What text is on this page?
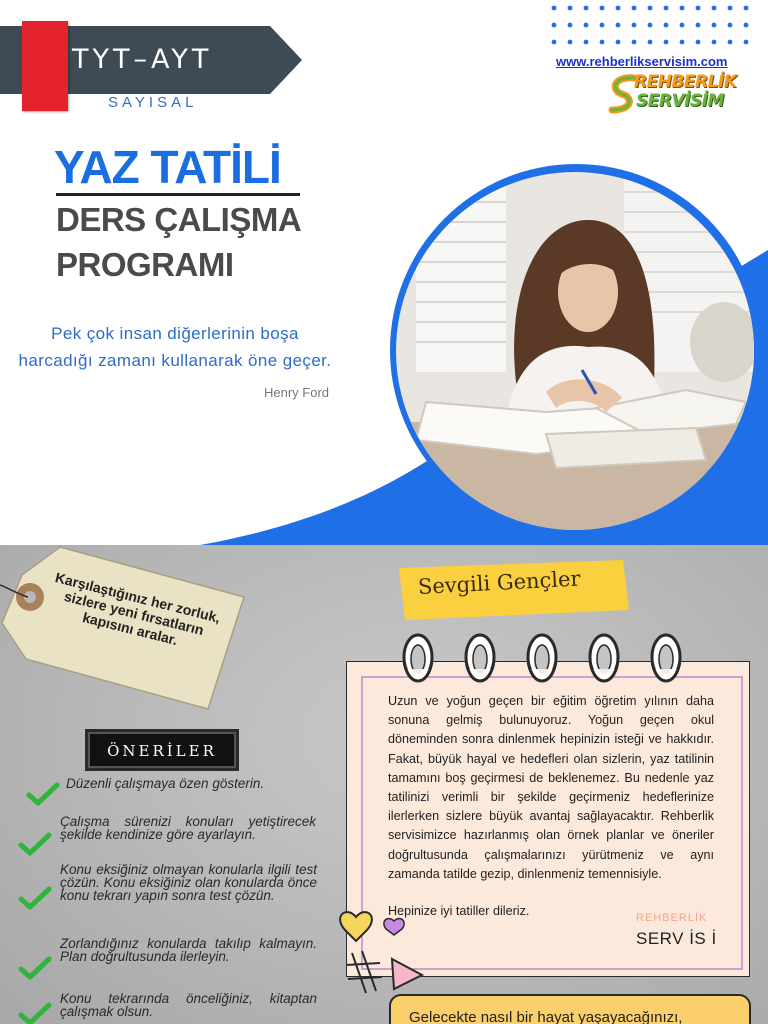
TYT–AYT
SAYISAL
www.rehberlikservisim.com
REHBERLİK
SERVİSİM
YAZ TATİLİ
DERS ÇALIŞMA
PROGRAMI
Pek çok insan diğerlerinin boşa harcadığı zamanı kullanarak öne geçer.
Henry Ford
Karşılaştığınız her zorluk, sizlere yeni fırsatların kapısını aralar.
ÖNERİLER
Düzenli çalışmaya özen gösterin.
Çalışma sürenizi konuları yetiştirecek şekilde kendinize göre ayarlayın.
Konu eksiğiniz olmayan konularla ilgili test çözün. Konu eksiğiniz olan konularda önce konu tekrarı yapın sonra test çözün.
Zorlandığınız konularda takılıp kalmayın. Plan doğrultusunda ilerleyin.
Konu tekrarında önceliğiniz, kitaptan çalışmak olsun.
Sevgili Gençler
Uzun ve yoğun geçen bir eğitim öğretim yılının daha sonuna gelmiş bulunuyoruz. Yoğun geçen okul döneminden sonra dinlenmek hepinizin isteği ve hakkıdır. Fakat, büyük hayal ve hedefleri olan sizlerin, yaz tatilinin tamamını boş geçirmesi de beklenemez. Bu nedenle yaz tatilinizi verimli bir şekilde geçirmeniz hedeflerinize ilerlerken sizlere büyük avantaj sağlayacaktır. Rehberlik servisimizce hazırlanmış olan örnek planlar ve öneriler doğrultusunda çalışmalarınızı yürütmeniz ve aynı zamanda tatilde gezip, dinlenmeniz temennisiyle.
Hepinize iyi tatiller dileriz.	REHBERLİK
SERV İS İ
Gelecekte nasıl bir hayat yaşayacağınızı,
